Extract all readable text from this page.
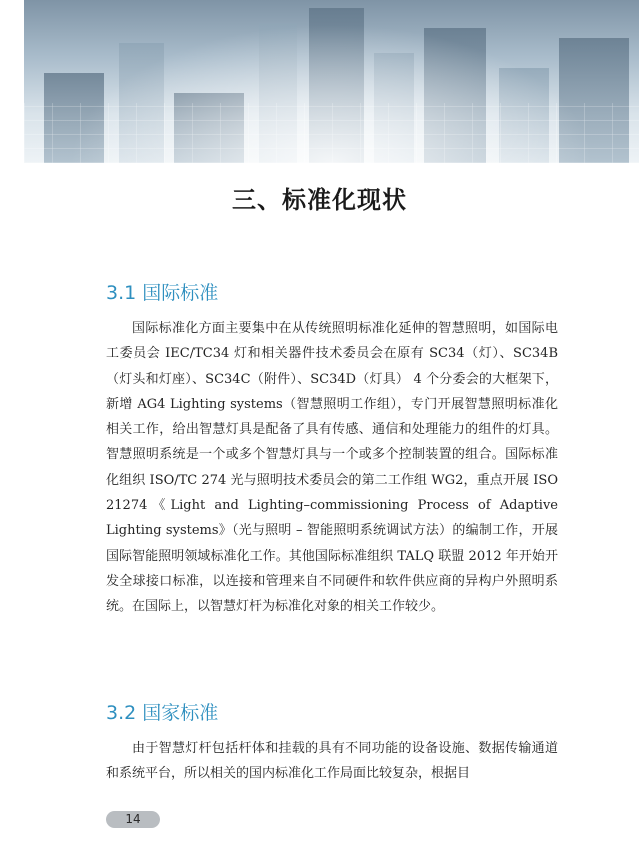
三、标准化现状
3.1 国际标准

国际标准化方面主要集中在从传统照明标准化延伸的智慧照明，如国际电工委员会 IEC/TC34 灯和相关器件技术委员会在原有 SC34（灯）、SC34B（灯头和灯座）、SC34C（附件）、SC34D（灯具） 4 个分委会的大框架下，新增 AG4 Lighting systems（智慧照明工作组），专门开展智慧照明标准化相关工作，给出智慧灯具是配备了具有传感、通信和处理能力的组件的灯具。智慧照明系统是一个或多个智慧灯具与一个或多个控制装置的组合。国际标准化组织 ISO/TC 274 光与照明技术委员会的第二工作组 WG2，重点开展 ISO 21274《Light and Lighting–commissioning Process of Adaptive Lighting systems》（光与照明 – 智能照明系统调试方法）的编制工作，开展国际智能照明领域标准化工作。其他国际标准组织 TALQ 联盟 2012 年开始开发全球接口标准，以连接和管理来自不同硬件和软件供应商的异构户外照明系统。在国际上，以智慧灯杆为标准化对象的相关工作较少。

3.2 国家标准

由于智慧灯杆包括杆体和挂载的具有不同功能的设备设施、数据传输通道和系统平台，所以相关的国内标准化工作局面比较复杂，根据目

14
